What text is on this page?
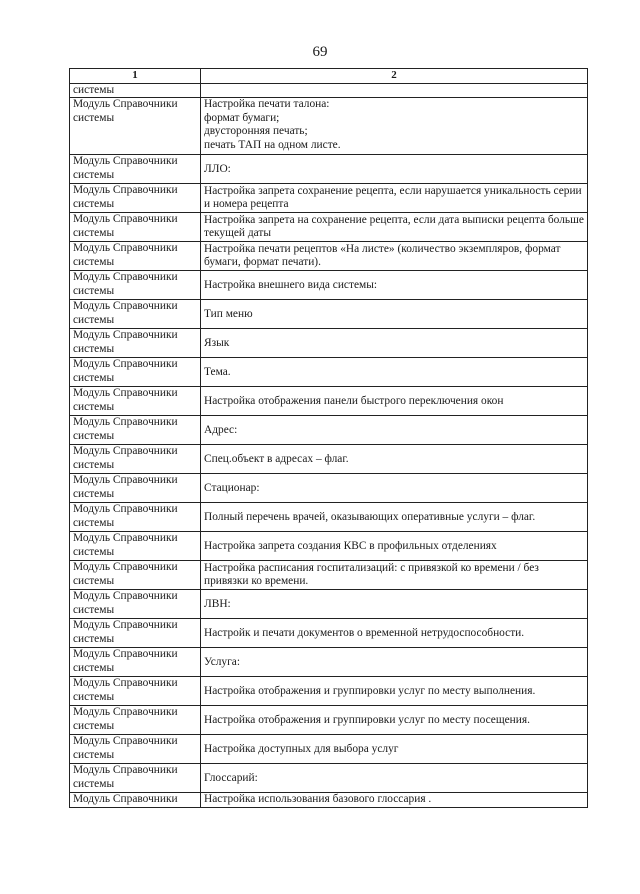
69
1	2
системы	
Модуль Справочники системы	Настройка печати талона:
формат бумаги;
двусторонняя печать;
печать ТАП на одном листе.
Модуль Справочники системы	ЛЛО:
Модуль Справочники системы	Настройка запрета сохранение рецепта, если нарушается уникальность серии и номера рецепта
Модуль Справочники системы	Настройка запрета на сохранение рецепта, если дата выписки рецепта больше текущей даты
Модуль Справочники системы	Настройка печати рецептов «На листе» (количество экземпляров, формат бумаги, формат печати).
Модуль Справочники системы	Настройка внешнего вида системы:
Модуль Справочники системы	Тип меню
Модуль Справочники системы	Язык
Модуль Справочники системы	Тема.
Модуль Справочники системы	Настройка отображения панели быстрого переключения окон
Модуль Справочники системы	Адрес:
Модуль Справочники системы	Спец.объект в адресах – флаг.
Модуль Справочники системы	Стационар:
Модуль Справочники системы	Полный перечень врачей, оказывающих оперативные услуги – флаг.
Модуль Справочники системы	Настройка запрета создания КВС в профильных отделениях
Модуль Справочники системы	Настройка расписания госпитализаций: с привязкой ко времени / без привязки ко времени.
Модуль Справочники системы	ЛВН:
Модуль Справочники системы	Настройк и печати документов о временной нетрудоспособности.
Модуль Справочники системы	Услуга:
Модуль Справочники системы	Настройка отображения и группировки услуг по месту выполнения.
Модуль Справочники системы	Настройка отображения и группировки услуг по месту посещения.
Модуль Справочники системы	Настройка доступных для выбора услуг
Модуль Справочники системы	Глоссарий:
Модуль Справочники	Настройка использования базового глоссария .
